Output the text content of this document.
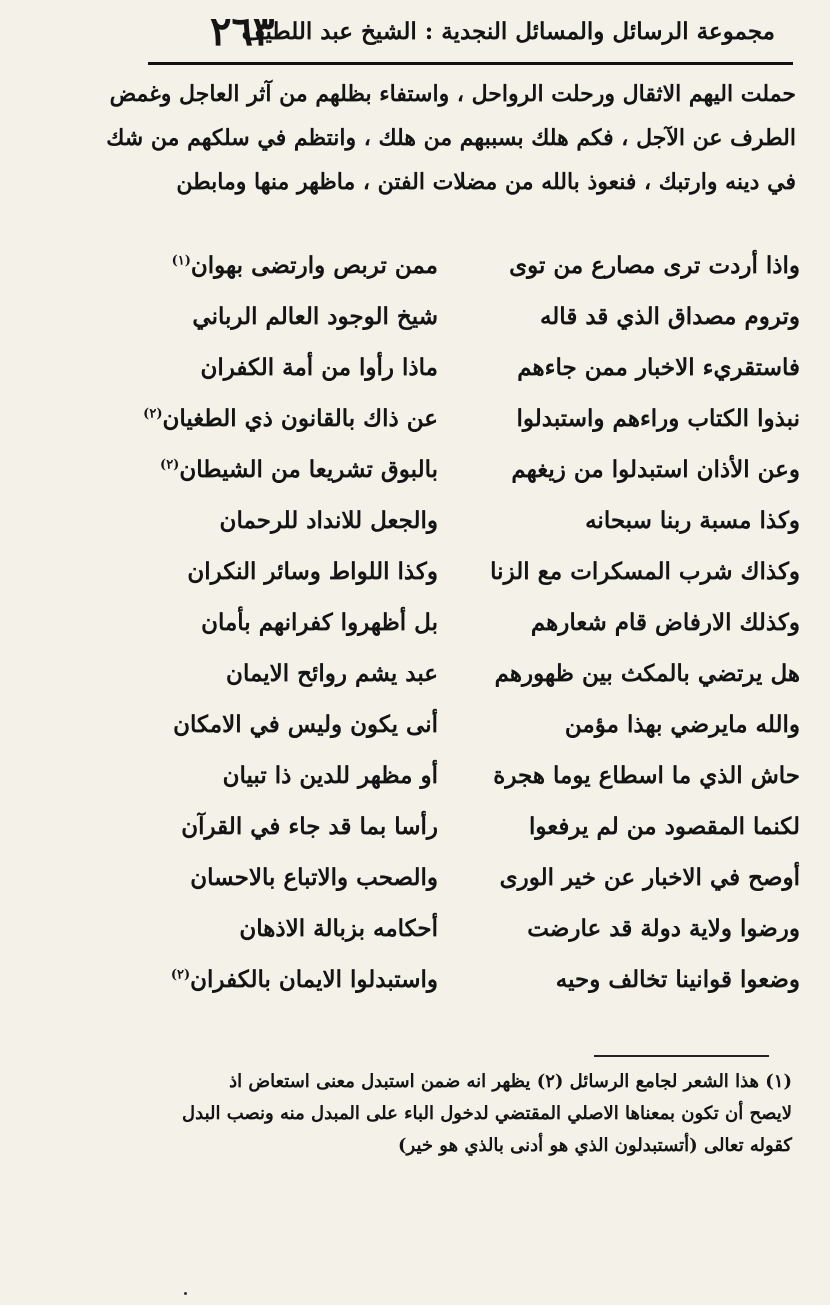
مجموعة الرسائل والمسائل النجدية : الشيخ عبد اللطيف
٢٦٣
حملت اليهم الاثقال ورحلت الرواحل ، واستفاء بظلهم من آثر العاجل وغمض
الطرف عن الآجل ، فكم هلك بسببهم من هلك ، وانتظم في سلكهم من شك
في دينه وارتبك ، فنعوذ بالله من مضلات الفتن ، ماظهر منها ومابطن
واذا أردت ترى مصارع من توى
ممن تربص وارتضى بهوان$^{(١)}$
وتروم مصداق الذي قد قاله
شيخ الوجود العالم الرباني
فاستقريء الاخبار ممن جاءهم
ماذا رأوا من أمة الكفران
نبذوا الكتاب وراءهم واستبدلوا
عن ذاك بالقانون ذي الطغيان$^{(٢)}$
وعن الأذان استبدلوا من زيغهم
بالبوق تشريعا من الشيطان$^{(٢)}$
وكذا مسبة ربنا سبحانه
والجعل للانداد للرحمان
وكذاك شرب المسكرات مع الزنا
وكذا اللواط وسائر النكران
وكذلك الارفاض قام شعارهم
بل أظهروا كفرانهم بأمان
هل يرتضي بالمكث بين ظهورهم
عبد يشم روائح الايمان
والله مايرضي بهذا مؤمن
أنى يكون وليس في الامكان
حاش الذي ما اسطاع يوما هجرة
أو مظهر للدين ذا تبيان
لكنما المقصود من لم يرفعوا
رأسا بما قد جاء في القرآن
أوصح في الاخبار عن خير الورى
والصحب والاتباع بالاحسان
ورضوا ولاية دولة قد عارضت
أحكامه بزبالة الاذهان
وضعوا قوانينا تخالف وحيه
واستبدلوا الايمان بالكفران$^{(٢)}$
(١) هذا الشعر لجامع الرسائل (٢) يظهر انه ضمن استبدل معنى استعاض اذ
لايصح أن تكون بمعناها الاصلي المقتضي لدخول الباء على المبدل منه ونصب البدل
كقوله تعالى (أتستبدلون الذي هو أدنى بالذي هو خير)
